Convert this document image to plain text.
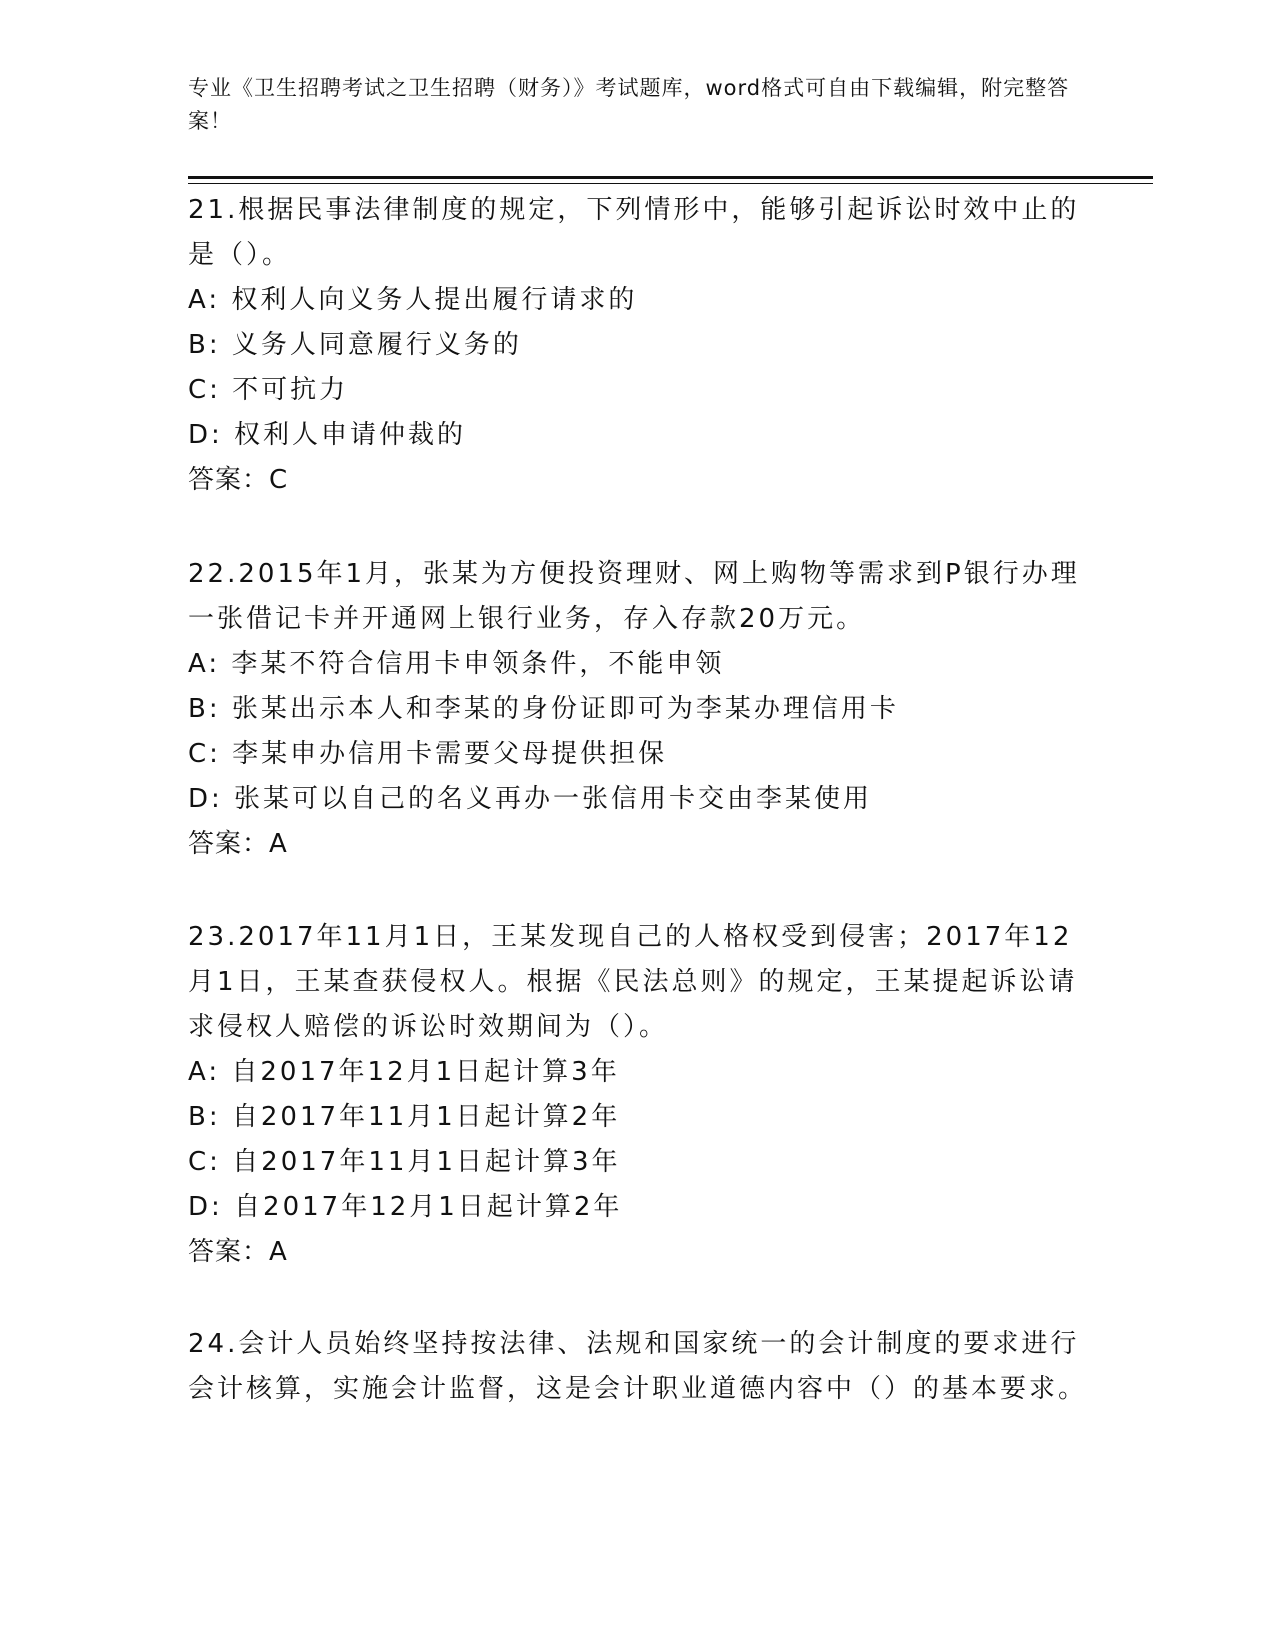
专业《卫生招聘考试之卫生招聘（财务）》考试题库，word格式可自由下载编辑，附完整答案！

21.根据民事法律制度的规定，下列情形中，能够引起诉讼时效中止的是（）。

A: 权利人向义务人提出履行请求的

B: 义务人同意履行义务的

C: 不可抗力

D: 权利人申请仲裁的

答案：C

22.2015年1月，张某为方便投资理财、网上购物等需求到P银行办理一张借记卡并开通网上银行业务，存入存款20万元。

A: 李某不符合信用卡申领条件，不能申领

B: 张某出示本人和李某的身份证即可为李某办理信用卡

C: 李某申办信用卡需要父母提供担保

D: 张某可以自己的名义再办一张信用卡交由李某使用

答案：A

23.2017年11月1日，王某发现自己的人格权受到侵害；2017年12月1日，王某查获侵权人。根据《民法总则》的规定，王某提起诉讼请求侵权人赔偿的诉讼时效期间为（）。

A: 自2017年12月1日起计算3年

B: 自2017年11月1日起计算2年

C: 自2017年11月1日起计算3年

D: 自2017年12月1日起计算2年

答案：A

24.会计人员始终坚持按法律、法规和国家统一的会计制度的要求进行会计核算，实施会计监督，这是会计职业道德内容中（）的基本要求。
